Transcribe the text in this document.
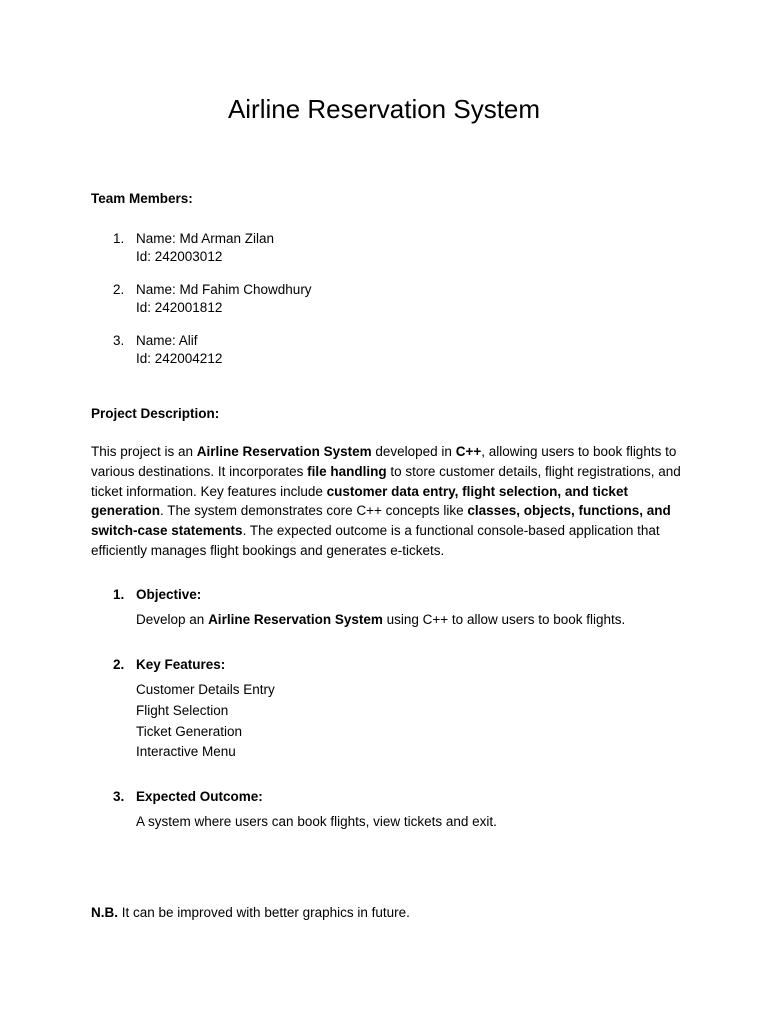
Airline Reservation System
Team Members:
1. Name: Md Arman Zilan
Id: 242003012
2. Name: Md Fahim Chowdhury
Id: 242001812
3. Name: Alif
Id: 242004212
Project Description:
This project is an Airline Reservation System developed in C++, allowing users to book flights to various destinations. It incorporates file handling to store customer details, flight registrations, and ticket information. Key features include customer data entry, flight selection, and ticket generation. The system demonstrates core C++ concepts like classes, objects, functions, and switch-case statements. The expected outcome is a functional console-based application that efficiently manages flight bookings and generates e-tickets.
1. Objective:
Develop an Airline Reservation System using C++ to allow users to book flights.
2. Key Features:
Customer Details Entry
Flight Selection
Ticket Generation
Interactive Menu
3. Expected Outcome:
A system where users can book flights, view tickets and exit.
N.B. It can be improved with better graphics in future.
